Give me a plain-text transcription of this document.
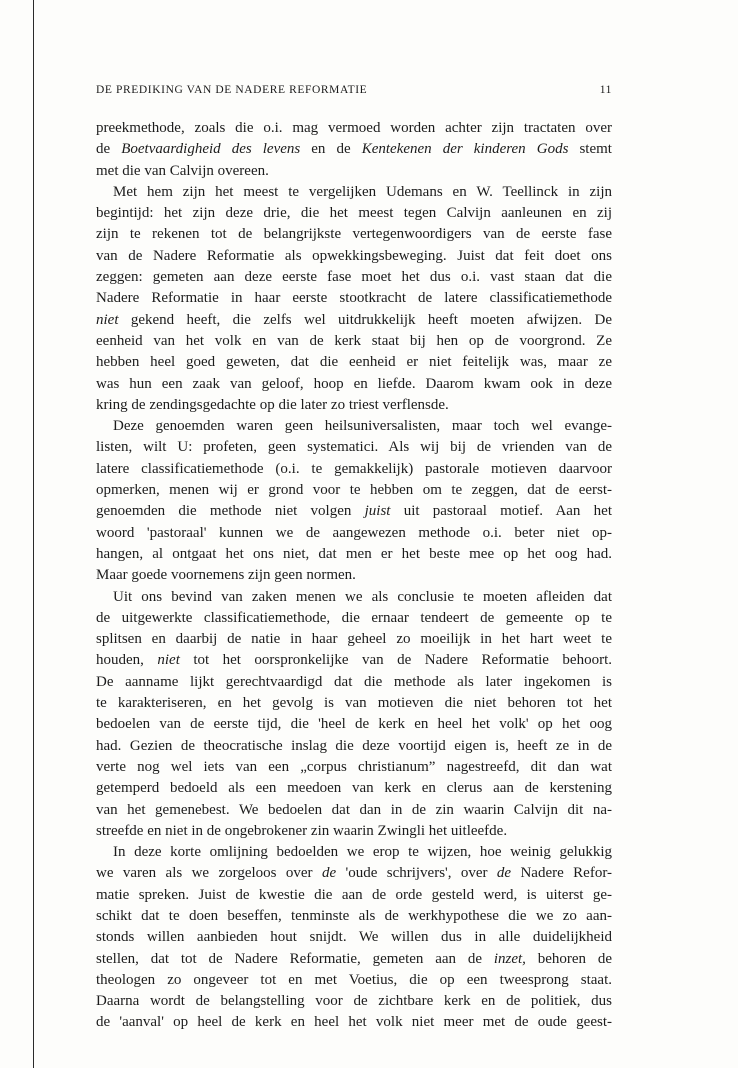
DE PREDIKING VAN DE NADERE REFORMATIE	11
preekmethode, zoals die o.i. mag vermoed worden achter zijn tractaten over
de Boetvaardigheid des levens en de Kentekenen der kinderen Gods stemt
met die van Calvijn overeen.
Met hem zijn het meest te vergelijken Udemans en W. Teellinck in zijn
begintijd: het zijn deze drie, die het meest tegen Calvijn aanleunen en zij
zijn te rekenen tot de belangrijkste vertegenwoordigers van de eerste fase
van de Nadere Reformatie als opwekkingsbeweging. Juist dat feit doet ons
zeggen: gemeten aan deze eerste fase moet het dus o.i. vast staan dat die
Nadere Reformatie in haar eerste stootkracht de latere classificatiemethode
niet gekend heeft, die zelfs wel uitdrukkelijk heeft moeten afwijzen. De
eenheid van het volk en van de kerk staat bij hen op de voorgrond. Ze
hebben heel goed geweten, dat die eenheid er niet feitelijk was, maar ze
was hun een zaak van geloof, hoop en liefde. Daarom kwam ook in deze
kring de zendingsgedachte op die later zo triest verflensde.
Deze genoemden waren geen heilsuniversalisten, maar toch wel evange-
listen, wilt U: profeten, geen systematici. Als wij bij de vrienden van de
latere classificatiemethode (o.i. te gemakkelijk) pastorale motieven daarvoor
opmerken, menen wij er grond voor te hebben om te zeggen, dat de eerst-
genoemden die methode niet volgen juist uit pastoraal motief. Aan het
woord 'pastoraal' kunnen we de aangewezen methode o.i. beter niet op-
hangen, al ontgaat het ons niet, dat men er het beste mee op het oog had.
Maar goede voornemens zijn geen normen.
Uit ons bevind van zaken menen we als conclusie te moeten afleiden dat
de uitgewerkte classificatiemethode, die ernaar tendeert de gemeente op te
splitsen en daarbij de natie in haar geheel zo moeilijk in het hart weet te
houden, niet tot het oorspronkelijke van de Nadere Reformatie behoort.
De aanname lijkt gerechtvaardigd dat die methode als later ingekomen is
te karakteriseren, en het gevolg is van motieven die niet behoren tot het
bedoelen van de eerste tijd, die 'heel de kerk en heel het volk' op het oog
had. Gezien de theocratische inslag die deze voortijd eigen is, heeft ze in de
verte nog wel iets van een „corpus christianum” nagestreefd, dit dan wat
getemperd bedoeld als een meedoen van kerk en clerus aan de kerstening
van het gemenebest. We bedoelen dat dan in de zin waarin Calvijn dit na-
streefde en niet in de ongebrokener zin waarin Zwingli het uitleefde.
In deze korte omlijning bedoelden we erop te wijzen, hoe weinig gelukkig
we varen als we zorgeloos over de 'oude schrijvers', over de Nadere Refor-
matie spreken. Juist de kwestie die aan de orde gesteld werd, is uiterst ge-
schikt dat te doen beseffen, tenminste als de werkhypothese die we zo aan-
stonds willen aanbieden hout snijdt. We willen dus in alle duidelijkheid
stellen, dat tot de Nadere Reformatie, gemeten aan de inzet, behoren de
theologen zo ongeveer tot en met Voetius, die op een tweesprong staat.
Daarna wordt de belangstelling voor de zichtbare kerk en de politiek, dus
de 'aanval' op heel de kerk en heel het volk niet meer met de oude geest-
